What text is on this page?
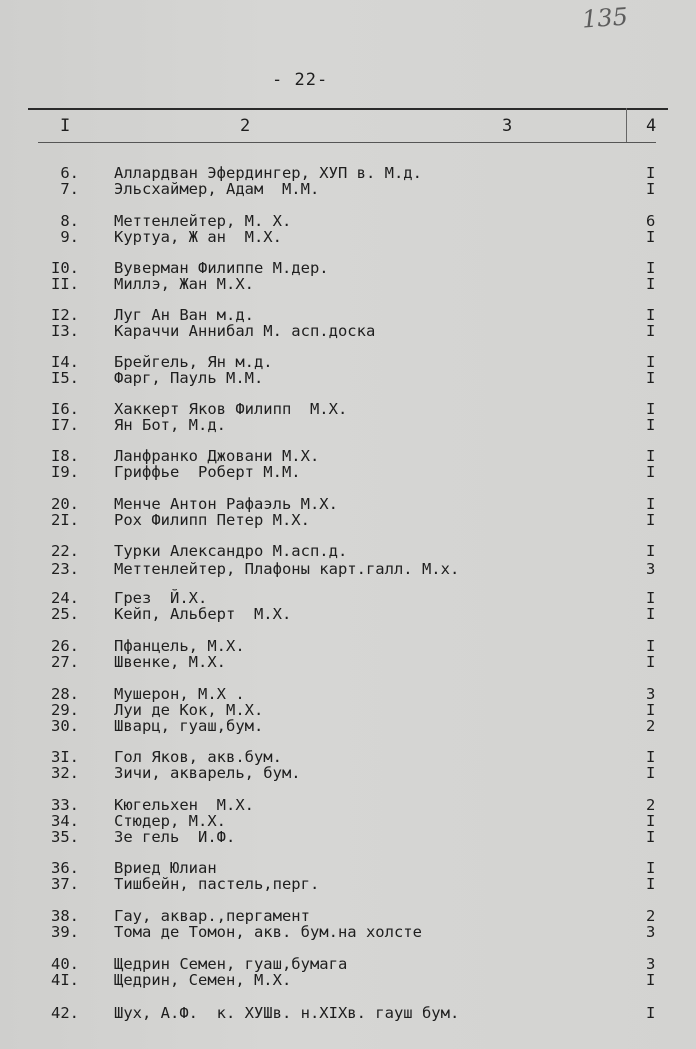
135
- 22-
I	2	3	4
6. Аллардван Эфердингер, ХУП в. М.д.	I
7. Эльсхаймер, Адам  М.М.	I
8. Меттенлейтер, М. Х.	6
9. Куртуа, Ж ан  М.Х.	I
I0. Вуверман Филиппе М.дер.	I
II. Миллэ, Жан М.Х.	I
I2. Луг Ан Ван м.д.	I
I3. Караччи Аннибал М. асп.доска	I
I4. Брейгель, Ян м.д.	I
I5. Фарг, Пауль М.М.	I
I6. Хаккерт Яков Филипп  М.Х.	I
I7. Ян Бот, М.д.	I
I8. Ланфранко Джовани М.Х.	I
I9. Гриффье  Роберт М.М.	I
20. Менче Антон Рафаэль М.Х.	I
2I. Рох Филипп Петер М.Х.	I
22. Турки Александро М.асп.д.	I
23. Меттенлейтер, Плафоны карт.галл. М.х.	3
24. Грез  Й.Х.	I
25. Кейп, Альберт  М.Х.	I
26. Пфанцель, М.Х.	I
27. Швенке, М.Х.	I
28. Мушерон, М.Х .	3
29. Луи де Кок, М.Х.	I
30. Шварц, гуаш,бум.	2
3I. Гол Яков, акв.бум.	I
32. Зичи, акварель, бум.	I
33. Кюгельхен  М.Х.	2
34. Стюдер, М.Х.	I
35. Зе гель  И.Ф.	I
36. Вриед Юлиан	I
37. Тишбейн, пастель,перг.	I
38. Гау, аквар.,пергамент	2
39. Тома де Томон, акв. бум.на холсте	3
40. Щедрин Семен, гуаш,бумага	3
4I. Щедрин, Семен, М.Х.	I
42. Шух, А.Ф.  к. ХУШв. н.XIXв. гауш бум.	I
